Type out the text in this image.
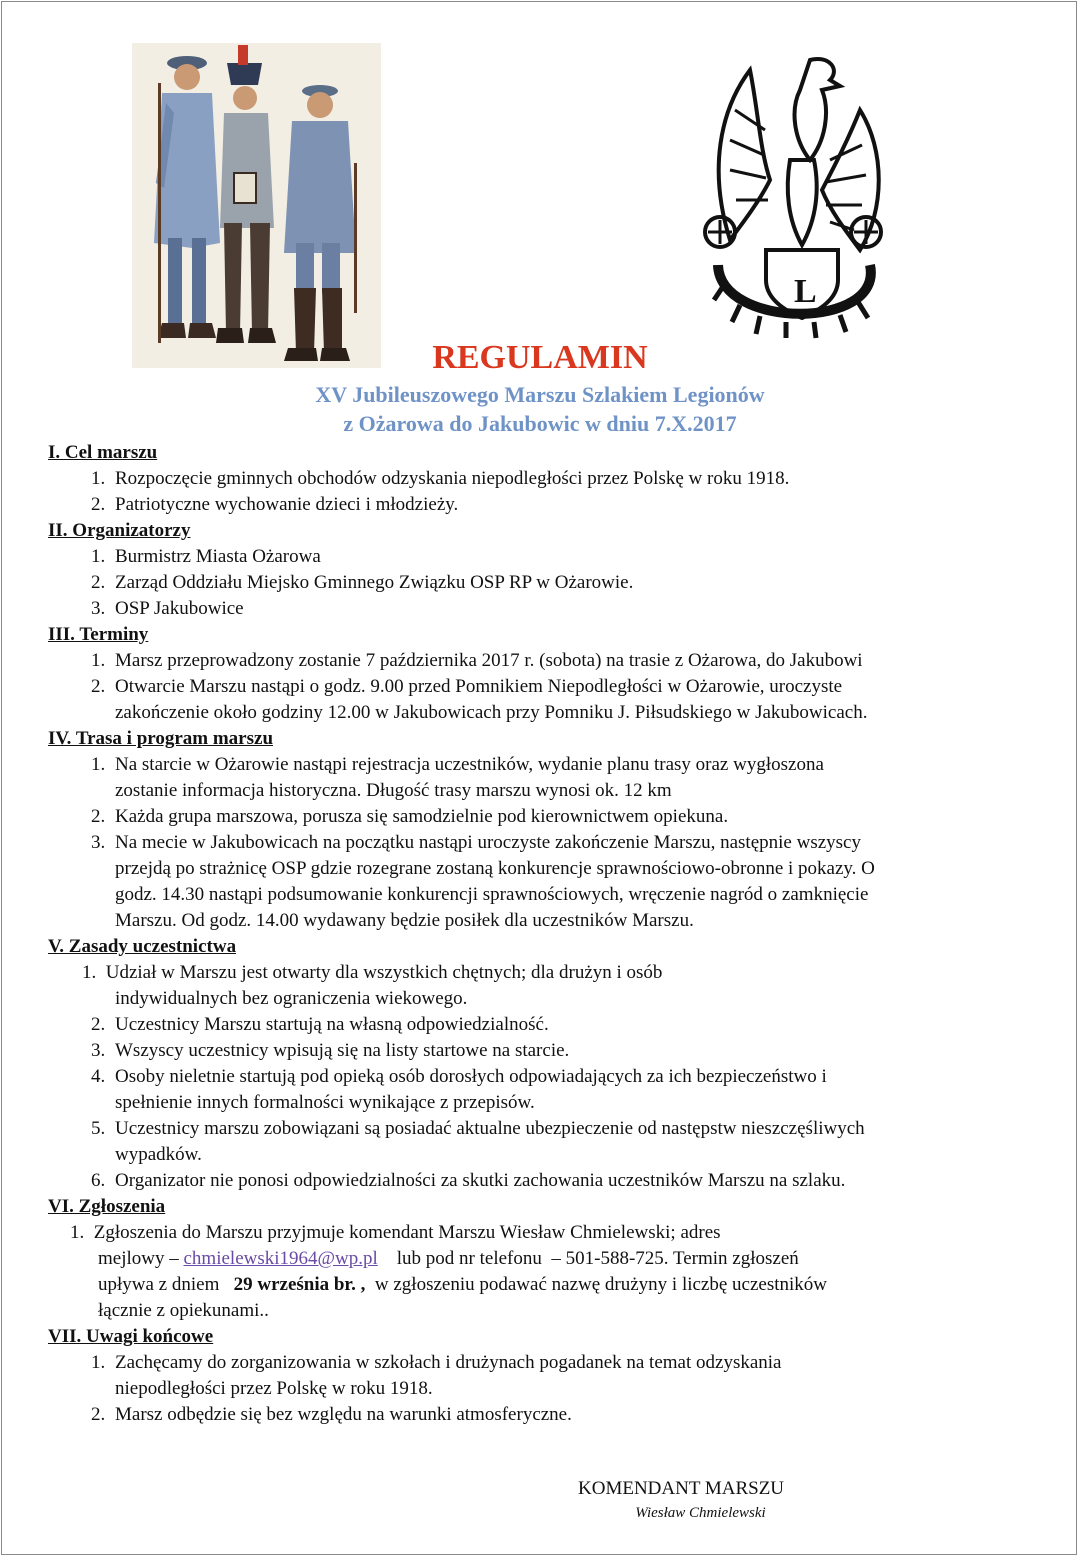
L
REGULAMIN
XV Jubileuszowego Marszu Szlakiem Legionów
z Ożarowa do Jakubowic w dniu 7.X.2017
I. Cel marszu
1. Rozpoczęcie gminnych obchodów odzyskania niepodległości przez Polskę w roku 1918.
2. Patriotyczne wychowanie dzieci i młodzieży.
II. Organizatorzy
1. Burmistrz Miasta Ożarowa
2. Zarząd Oddziału Miejsko Gminnego Związku OSP RP w Ożarowie.
3. OSP Jakubowice
III. Terminy
1. Marsz przeprowadzony zostanie 7 października 2017 r. (sobota) na trasie z Ożarowa, do Jakubowi
2. Otwarcie Marszu nastąpi o godz. 9.00 przed Pomnikiem Niepodległości w Ożarowie, uroczyste
zakończenie około godziny 12.00 w Jakubowicach przy Pomniku J. Piłsudskiego w Jakubowicach.
IV. Trasa i program marszu
1. Na starcie w Ożarowie nastąpi rejestracja uczestników, wydanie planu trasy oraz wygłoszona
zostanie informacja historyczna. Długość trasy marszu wynosi ok. 12 km
2. Każda grupa marszowa, porusza się samodzielnie pod kierownictwem opiekuna.
3. Na mecie w Jakubowicach na początku nastąpi uroczyste zakończenie Marszu, następnie wszyscy
przejdą po strażnicę OSP gdzie rozegrane zostaną konkurencje sprawnościowo-obronne i pokazy. O
godz. 14.30 nastąpi podsumowanie konkurencji sprawnościowych, wręczenie nagród o zamknięcie
Marszu. Od godz. 14.00 wydawany będzie posiłek dla uczestników Marszu.
V. Zasady uczestnictwa
1. Udział w Marszu jest otwarty dla wszystkich chętnych; dla drużyn i osób
indywidualnych bez ograniczenia wiekowego.
2. Uczestnicy Marszu startują na własną odpowiedzialność.
3. Wszyscy uczestnicy wpisują się na listy startowe na starcie.
4. Osoby nieletnie startują pod opieką osób dorosłych odpowiadających za ich bezpieczeństwo i
spełnienie innych formalności wynikające z przepisów.
5. Uczestnicy marszu zobowiązani są posiadać aktualne ubezpieczenie od następstw nieszczęśliwych
wypadków.
6. Organizator nie ponosi odpowiedzialności za skutki zachowania uczestników Marszu na szlaku.
VI. Zgłoszenia
1. Zgłoszenia do Marszu przyjmuje komendant Marszu Wiesław Chmielewski; adres
mejlowy – chmielewski1964@wp.pl    lub pod nr telefonu  – 501-588-725. Termin zgłoszeń
upływa z dniem   29 września br. ,  w zgłoszeniu podawać nazwę drużyny i liczbę uczestników
łącznie z opiekunami..
VII. Uwagi końcowe
1. Zachęcamy do zorganizowania w szkołach i drużynach pogadanek na temat odzyskania
niepodległości przez Polskę w roku 1918.
2. Marsz odbędzie się bez względu na warunki atmosferyczne.
KOMENDANT MARSZU
Wiesław Chmielewski
